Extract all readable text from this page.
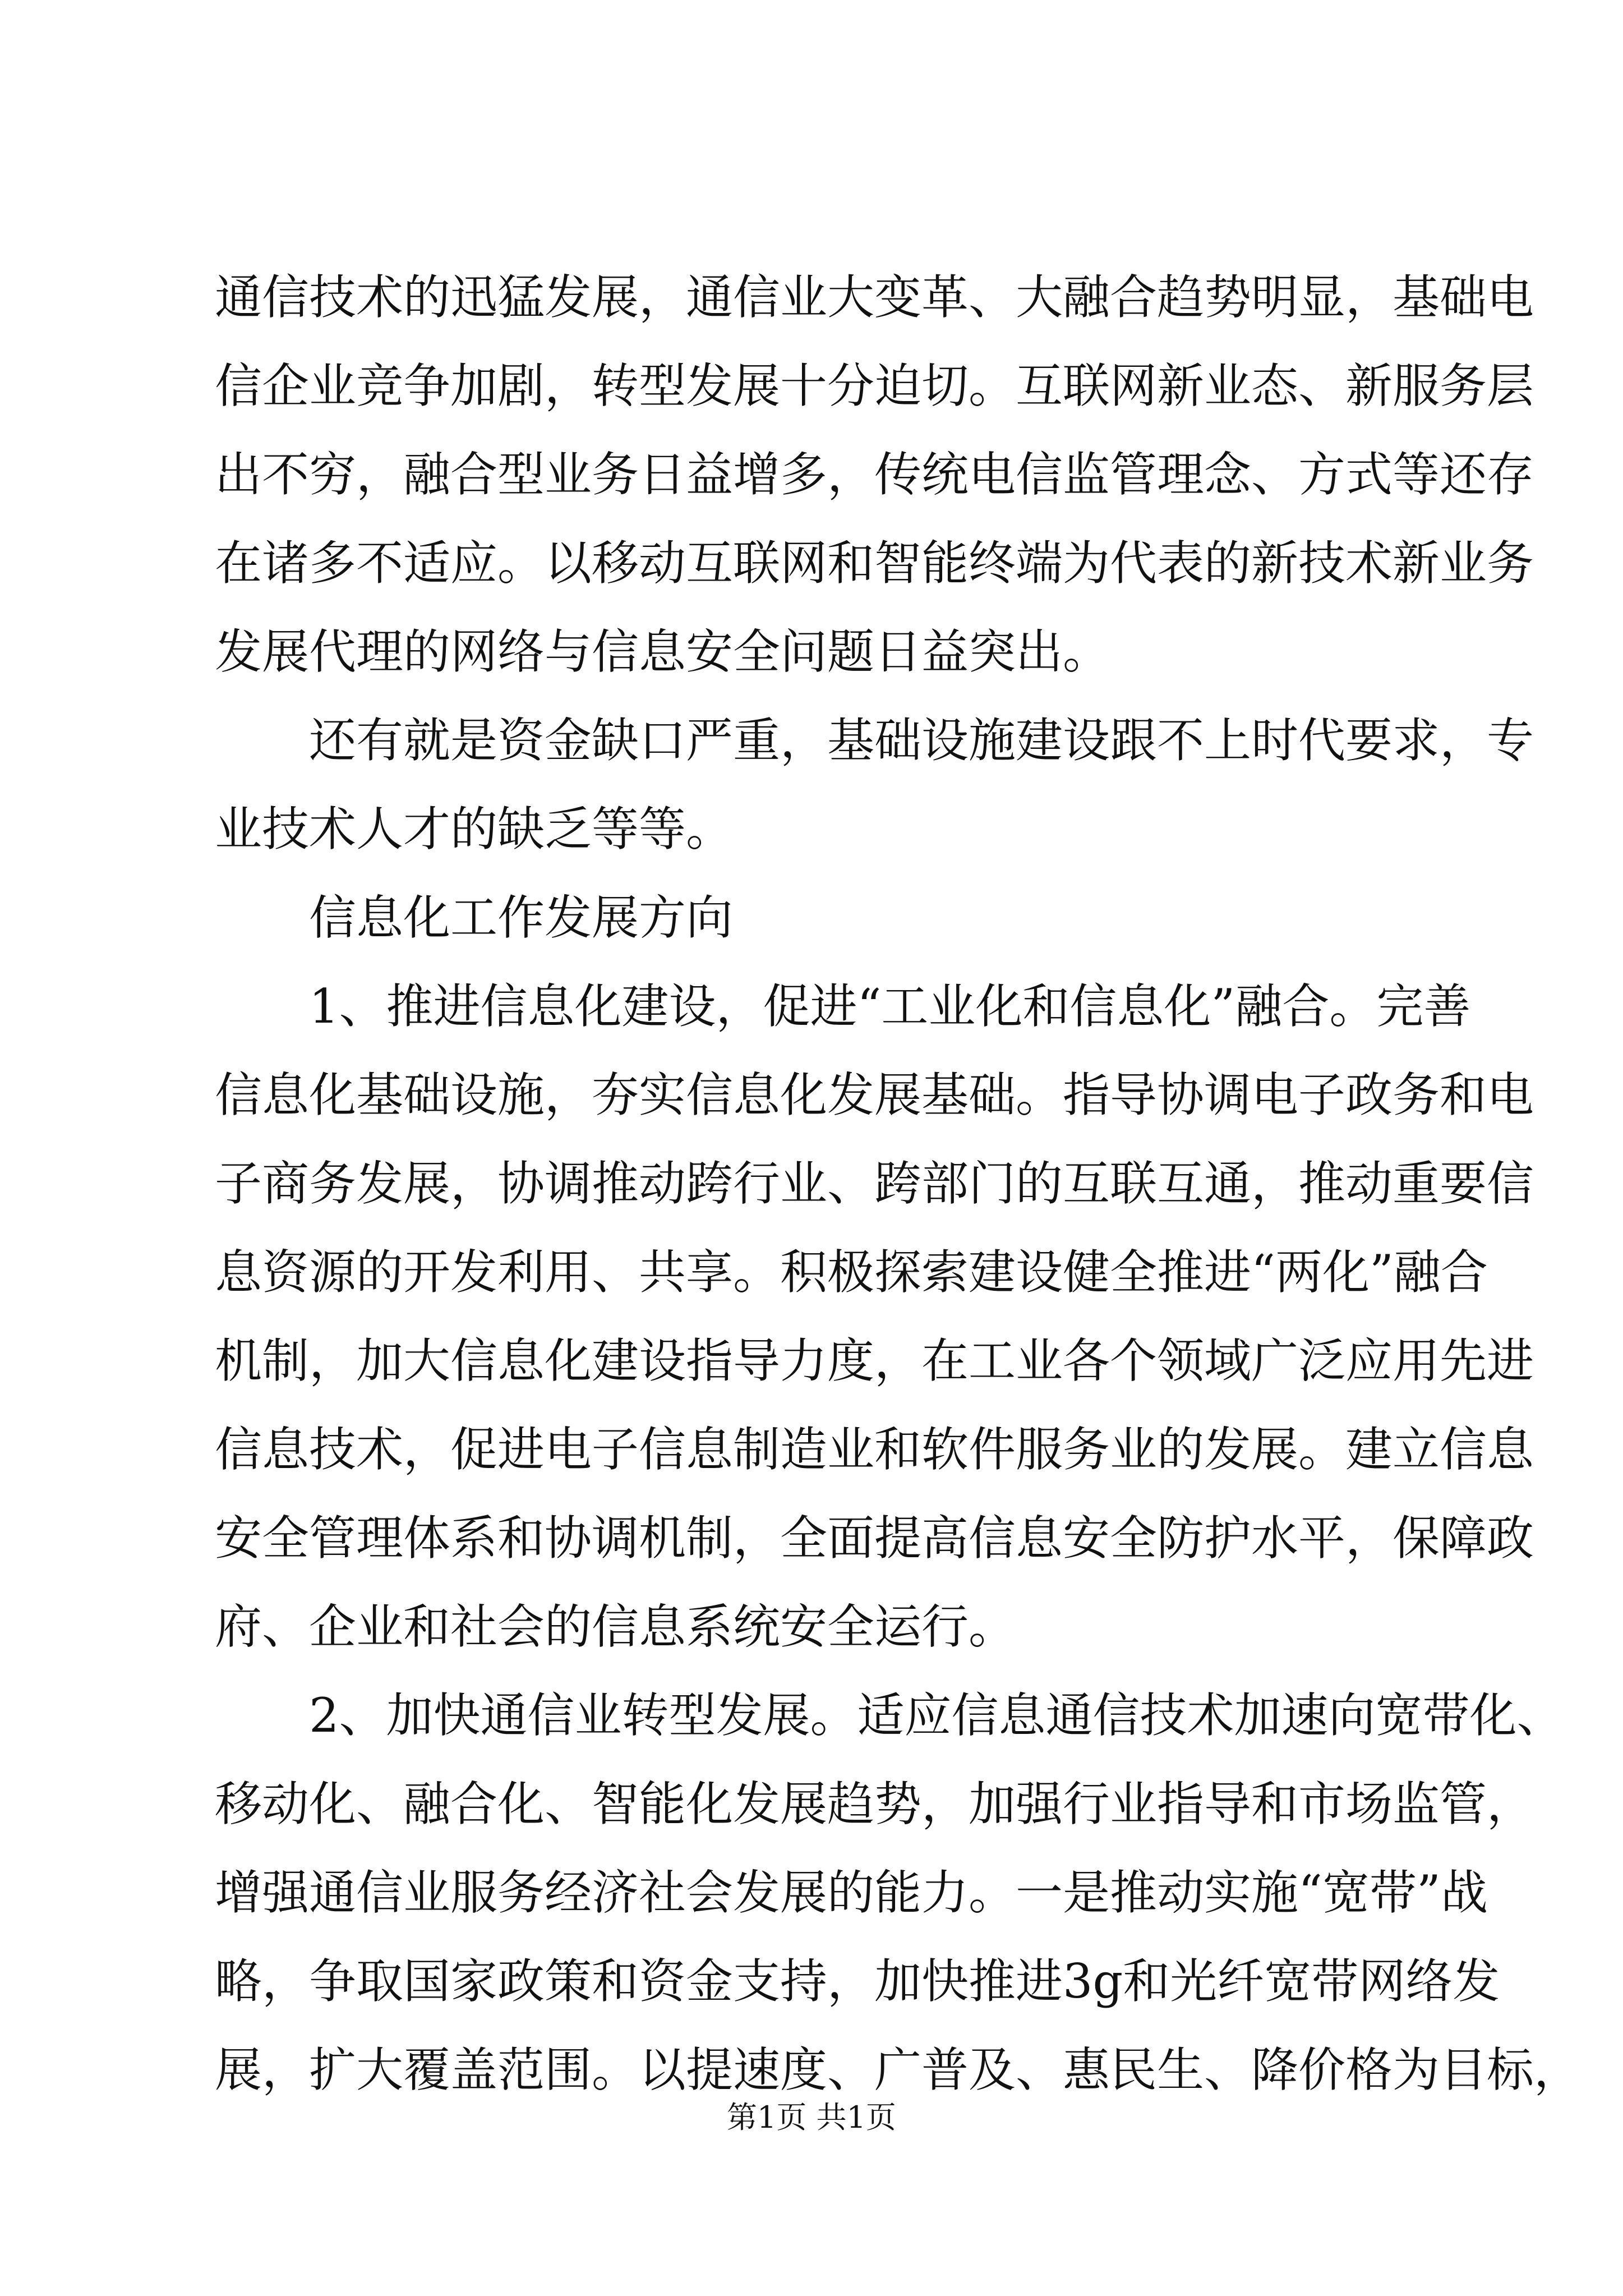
通信技术的迅猛发展，通信业大变革、大融合趋势明显，基础电
信企业竞争加剧，转型发展十分迫切。互联网新业态、新服务层
出不穷，融合型业务日益增多，传统电信监管理念、方式等还存
在诸多不适应。以移动互联网和智能终端为代表的新技术新业务
发展代理的网络与信息安全问题日益突出。
还有就是资金缺口严重，基础设施建设跟不上时代要求，专
业技术人才的缺乏等等。
信息化工作发展方向
1、推进信息化建设，促进“工业化和信息化”融合。完善
信息化基础设施，夯实信息化发展基础。指导协调电子政务和电
子商务发展，协调推动跨行业、跨部门的互联互通，推动重要信
息资源的开发利用、共享。积极探索建设健全推进“两化”融合
机制，加大信息化建设指导力度，在工业各个领域广泛应用先进
信息技术，促进电子信息制造业和软件服务业的发展。建立信息
安全管理体系和协调机制，全面提高信息安全防护水平，保障政
府、企业和社会的信息系统安全运行。
2、加快通信业转型发展。适应信息通信技术加速向宽带化、
移动化、融合化、智能化发展趋势，加强行业指导和市场监管，
增强通信业服务经济社会发展的能力。一是推动实施“宽带”战
略，争取国家政策和资金支持，加快推进3g和光纤宽带网络发
展，扩大覆盖范围。以提速度、广普及、惠民生、降价格为目标，
第1页 共1页
